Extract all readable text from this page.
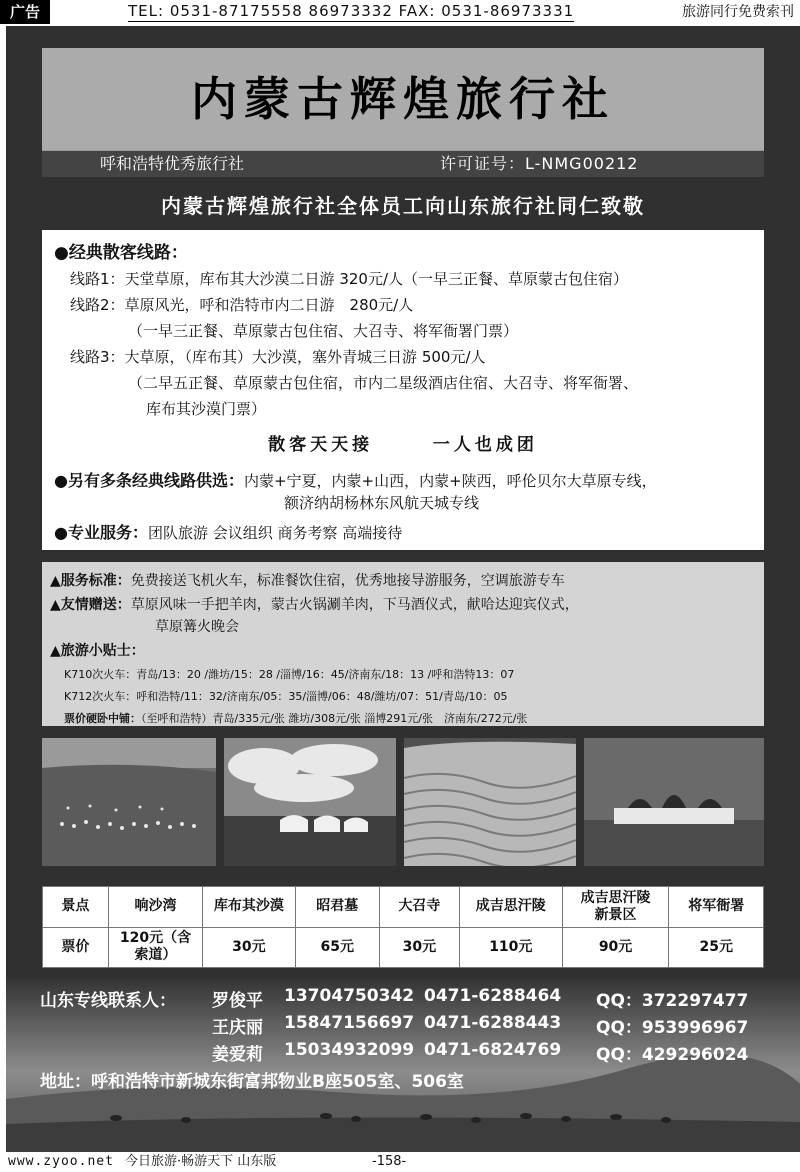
广告	TEL: 0531-87175558 86973332 FAX: 0531-86973331	旅游同行免费索刊
内蒙古辉煌旅行社
呼和浩特优秀旅行社	许可证号：L-NMG00212
内蒙古辉煌旅行社全体员工向山东旅行社同仁致敬
●经典散客线路：
线路1：天堂草原，库布其大沙漠二日游 320元/人（一早三正餐、草原蒙古包住宿）
线路2：草原风光，呼和浩特市内二日游　280元/人
（一早三正餐、草原蒙古包住宿、大召寺、将军衙署门票）
线路3：大草原，（库布其）大沙漠，塞外青城三日游 500元/人
（二早五正餐、草原蒙古包住宿，市内二星级酒店住宿、大召寺、将军衙署、
库布其沙漠门票）
散客天天接	一人也成团
●另有多条经典线路供选：内蒙+宁夏，内蒙+山西，内蒙+陕西，呼伦贝尔大草原专线，
额济纳胡杨林东风航天城专线
●专业服务：团队旅游 会议组织 商务考察 高端接待
▲服务标准：免费接送飞机火车，标准餐饮住宿，优秀地接导游服务，空调旅游专车
▲友情赠送：草原风味一手把羊肉，蒙古火锅涮羊肉，下马酒仪式，献哈达迎宾仪式，
草原篝火晚会
▲旅游小贴士：
K710次火车：青岛/13：20 /潍坊/15：28 /淄博/16：45/济南东/18：13 /呼和浩特13：07
K712次火车：呼和浩特/11：32/济南东/05：35/淄博/06：48/潍坊/07：51/青岛/10：05
票价硬卧中铺：（至呼和浩特）青岛/335元/张 潍坊/308元/张 淄博291元/张　济南东/272元/张
景点	响沙湾	库布其沙漠	昭君墓	大召寺	成吉思汗陵	成吉思汗陵新景区	将军衙署
票价	120元（含索道）	30元	65元	30元	110元	90元	25元
山东专线联系人： 罗俊平 13704750342 0471-6288464 QQ：372297477
王庆丽 15847156697 0471-6288443 QQ：953996967
姜爱莉 15034932099 0471-6824769 QQ：429296024
地址：呼和浩特市新城东街富邦物业B座505室、506室
www.zyoo.net 今日旅游·畅游天下 山东版	-158-
